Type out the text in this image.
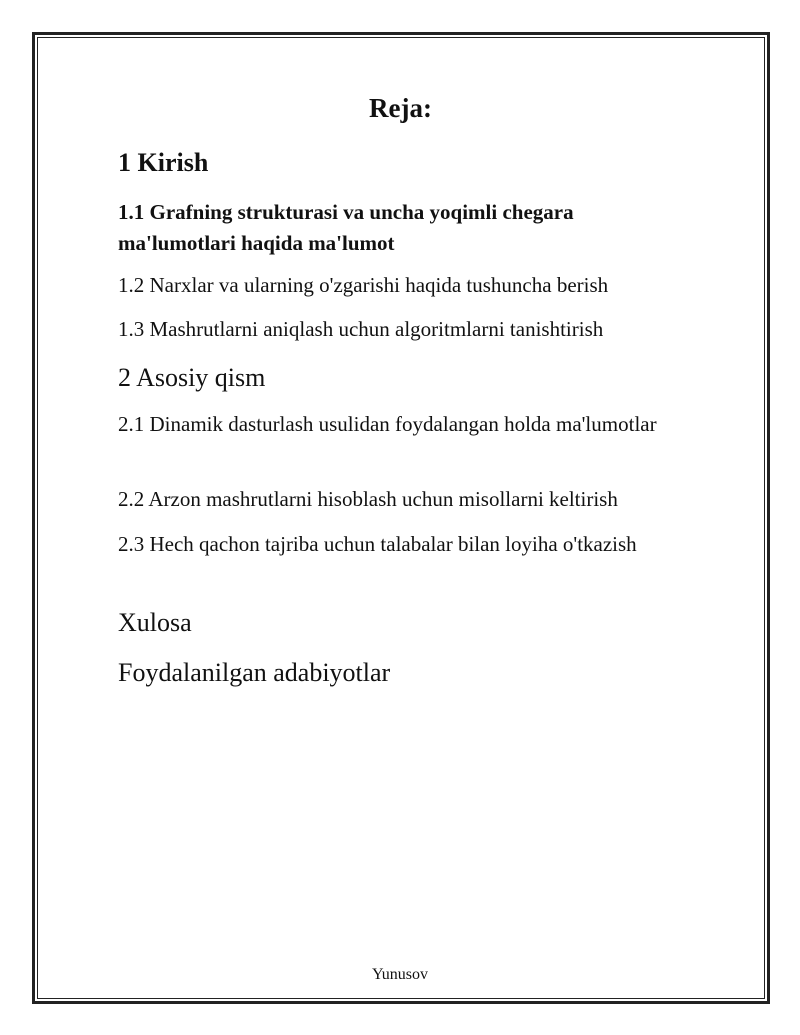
Reja:

1 Kirish

1.1 Grafning strukturasi va uncha yoqimli chegara ma'lumotlari haqida ma'lumot

1.2 Narxlar va ularning o'zgarishi haqida tushuncha berish

1.3 Mashrutlarni aniqlash uchun algoritmlarni tanishtirish

2 Asosiy qism

2.1 Dinamik dasturlash usulidan foydalangan holda ma'lumotlar

2.2 Arzon mashrutlarni hisoblash uchun misollarni keltirish

2.3 Hech qachon tajriba uchun talabalar bilan loyiha o'tkazish

Xulosa

Foydalanilgan adabiyotlar

Yunusov
